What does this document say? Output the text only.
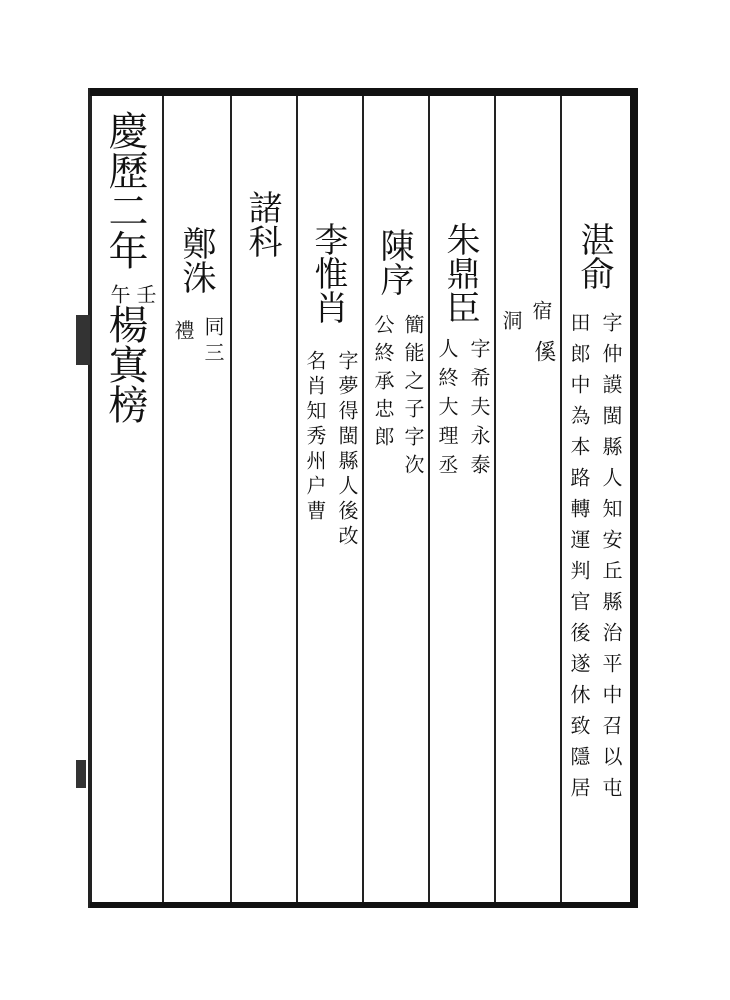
慶歷二年
壬
午
楊寘榜
鄭洙
同三
禮
諸科 李惟肖
字夢得閩縣人後改
名肖知秀州户曹
陳序
簡能之子字次
公終承忠郎
朱鼎臣
字希夫永泰
人終大理丞
宿
傒
洞
湛俞
字仲謨閩縣人知安丘縣治平中召以屯
田郎中為本路轉運判官後遂休致隱居
